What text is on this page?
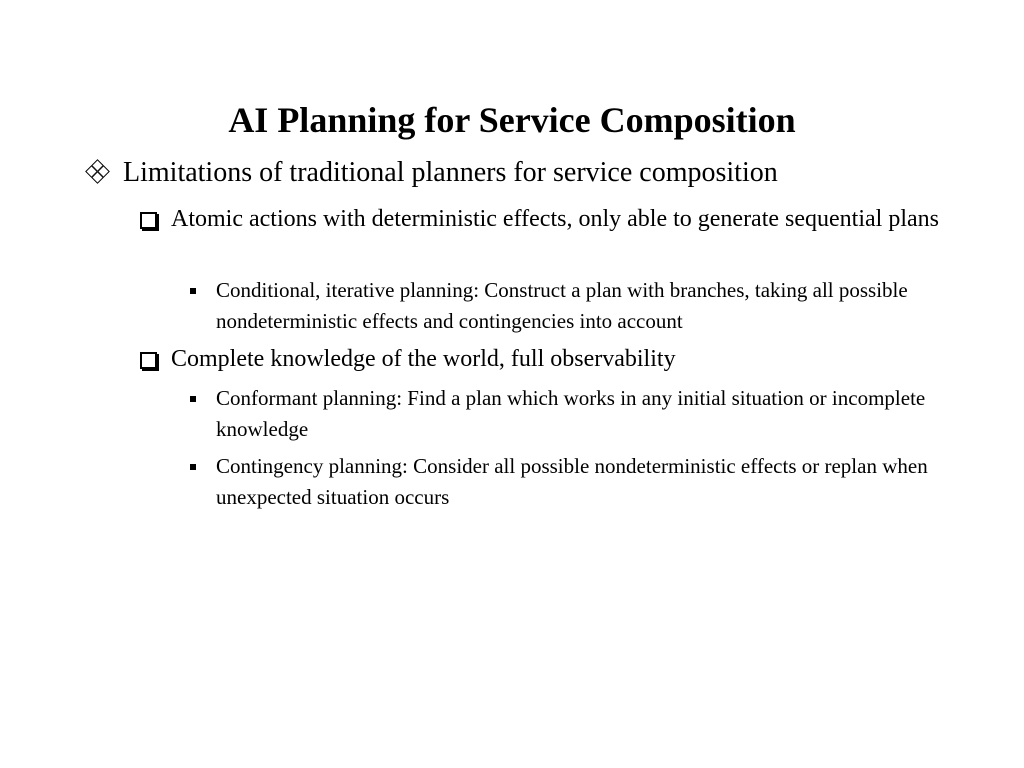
AI Planning for Service Composition
Limitations of traditional planners for service composition
Atomic actions with deterministic effects, only able to generate sequential plans
Conditional, iterative planning: Construct a plan with branches, taking all possible nondeterministic effects and contingencies into account
Complete knowledge of the world, full observability
Conformant planning: Find a plan which works in any initial situation or incomplete knowledge
Contingency planning: Consider all possible nondeterministic effects or replan when unexpected situation occurs
